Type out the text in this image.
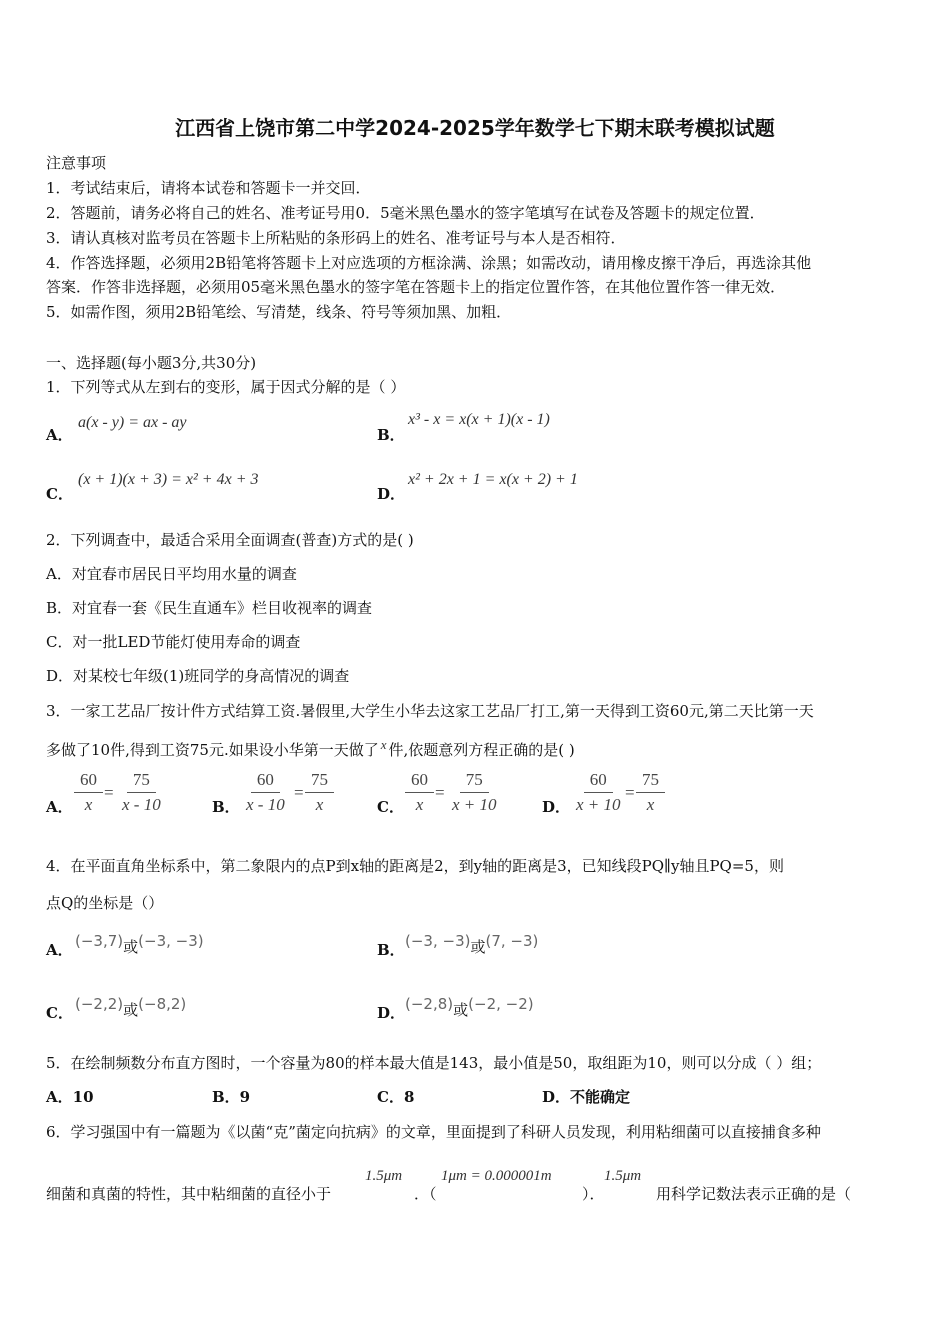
江西省上饶市第二中学2024-2025学年数学七下期末联考模拟试题
注意事项
1．考试结束后，请将本试卷和答题卡一并交回．
2．答题前，请务必将自己的姓名、准考证号用0．5毫米黑色墨水的签字笔填写在试卷及答题卡的规定位置．
3．请认真核对监考员在答题卡上所粘贴的条形码上的姓名、准考证号与本人是否相符．
4．作答选择题，必须用2B铅笔将答题卡上对应选项的方框涂满、涂黑；如需改动，请用橡皮擦干净后，再选涂其他
答案．作答非选择题，必须用05毫米黑色墨水的签字笔在答题卡上的指定位置作答，在其他位置作答一律无效．
5．如需作图，须用2B铅笔绘、写清楚，线条、符号等须加黑、加粗．
一、选择题(每小题3分,共30分)
1．下列等式从左到右的变形，属于因式分解的是（ ）
A．
a(x - y) = ax - ay
B．
x³ - x = x(x + 1)(x - 1)
C．
(x + 1)(x + 3) = x² + 4x + 3
D．
x² + 2x + 1 = x(x + 2) + 1
2．下列调查中，最适合采用全面调查(普查)方式的是( )
A．对宜春市居民日平均用水量的调查
B．对宜春一套《民生直通车》栏目收视率的调查
C．对一批LED节能灯使用寿命的调查
D．对某校七年级(1)班同学的身高情况的调查
3．一家工艺品厂按计件方式结算工资.暑假里,大学生小华去这家工艺品厂打工,第一天得到工资60元,第二天比第一天
多做了10件,得到工资75元.如果设小华第一天做了 x 件,依题意列方程正确的是( )
A． $\frac{60}{x} = \frac{75}{x - 10}$	B． $\frac{60}{x - 10} = \frac{75}{x}$	C． $\frac{60}{x} = \frac{75}{x + 10}$	D． $\frac{60}{x + 10}$
= $\frac{75}{x}$
4．在平面直角坐标系中，第二象限内的点P到x轴的距离是2，到y轴的距离是3，已知线段PQ∥y轴且PQ=5，则
点Q的坐标是（）
A． (−3,7)或(−3, −3)	B． (−3, −3)或(7, −3)
C． (−2,2)或(−8,2)	D． (−2,8)或(−2, −2)
5．在绘制频数分布直方图时，一个容量为80的样本最大值是143，最小值是50，取组距为10，则可以分成（ ）组；
A．10	B．9	C．8	D．不能确定
6．学习强国中有一篇题为《以菌“克”菌定向抗病》的文章，里面提到了科研人员发现，利用粘细菌可以直接捕食多种
细菌和真菌的特性，其中粘细菌的直径小于
1.5μm
．（
1μm = 0.000001m
）．
1.5μm
用科学记数法表示正确的是（
